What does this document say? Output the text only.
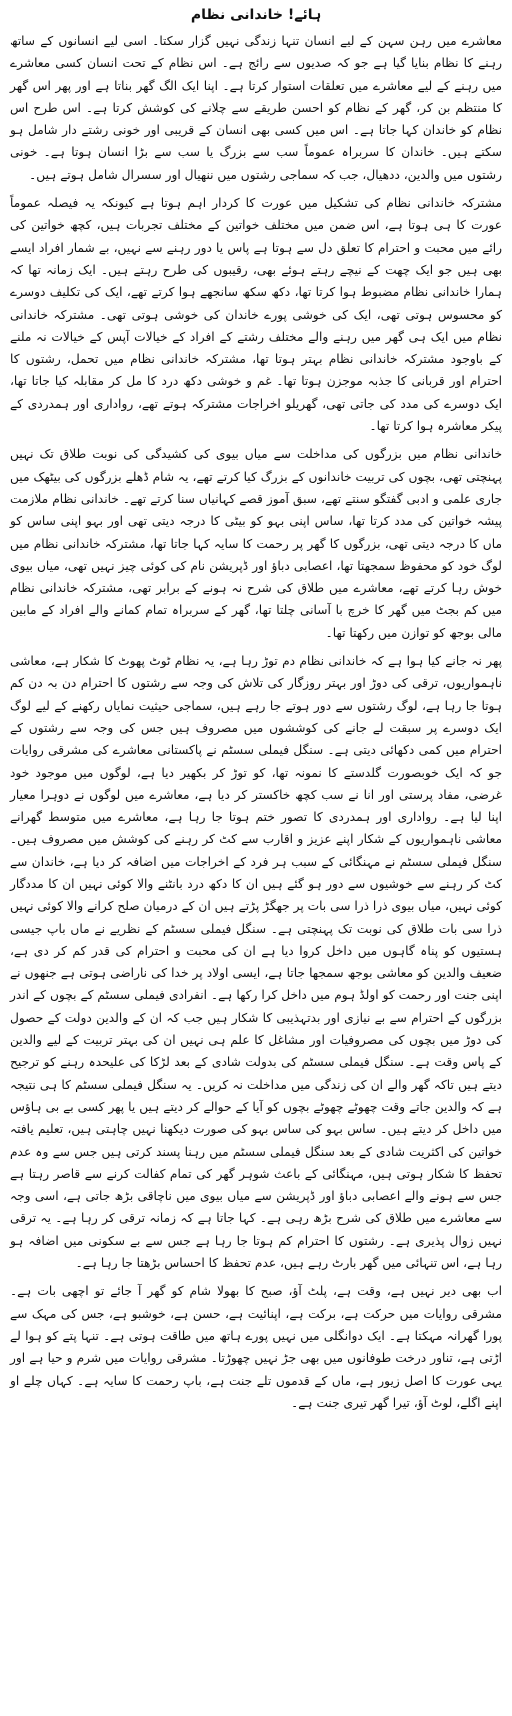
ہائے! خاندانی نظام

معاشرے میں رہن سہن کے لیے انسان تنہا زندگی نہیں گزار سکتا۔ اسی لیے انسانوں کے ساتھ رہنے کا نظام بنایا گیا ہے جو کہ صدیوں سے رائج ہے۔ اس نظام کے تحت انسان کسی معاشرے میں رہنے کے لیے معاشرے میں تعلقات استوار کرتا ہے۔ اپنا ایک الگ گھر بناتا ہے اور پھر اس گھر کا منتظم بن کر، گھر کے نظام کو احسن طریقے سے چلانے کی کوشش کرتا ہے۔ اس طرح اس نظام کو خاندان کہا جاتا ہے۔ اس میں کسی بھی انسان کے قریبی اور خونی رشتے دار شامل ہو سکتے ہیں۔ خاندان کا سربراہ عموماً سب سے بزرگ یا سب سے بڑا انسان ہوتا ہے۔ خونی رشتوں میں والدین، ددھیال، جب کہ سماجی رشتوں میں ننھیال اور سسرال شامل ہوتے ہیں۔

مشترکہ خاندانی نظام کی تشکیل میں عورت کا کردار اہم ہوتا ہے کیونکہ یہ فیصلہ عموماً عورت کا ہی ہوتا ہے، اس ضمن میں مختلف خواتین کے مختلف تجربات ہیں، کچھ خواتین کی رائے میں محبت و احترام کا تعلق دل سے ہوتا ہے پاس یا دور رہنے سے نہیں، بے شمار افراد ایسے بھی ہیں جو ایک چھت کے نیچے رہتے ہوئے بھی، رقیبوں کی طرح رہتے ہیں۔ ایک زمانہ تھا کہ ہمارا خاندانی نظام مضبوط ہوا کرتا تھا، دکھ سکھ سانجھے ہوا کرتے تھے، ایک کی تکلیف دوسرے کو محسوس ہوتی تھی، ایک کی خوشی پورے خاندان کی خوشی ہوتی تھی۔ مشترکہ خاندانی نظام میں ایک ہی گھر میں رہنے والے مختلف رشتے کے افراد کے خیالات آپس کے خیالات نہ ملنے کے باوجود مشترکہ خاندانی نظام بہتر ہوتا تھا، مشترکہ خاندانی نظام میں تحمل، رشتوں کا احترام اور قربانی کا جذبہ موجزن ہوتا تھا۔ غم و خوشی دکھ درد کا مل کر مقابلہ کیا جاتا تھا، ایک دوسرے کی مدد کی جاتی تھی، گھریلو اخراجات مشترکہ ہوتے تھے، رواداری اور ہمدردی کے پیکر معاشرہ ہوا کرتا تھا۔

خاندانی نظام میں بزرگوں کی مداخلت سے میاں بیوی کی کشیدگی کی نوبت طلاق تک نہیں پہنچتی تھی، بچوں کی تربیت خاندانوں کے بزرگ کیا کرتے تھے، یہ شام ڈھلے بزرگوں کی بیٹھک میں جاری علمی و ادبی گفتگو سنتے تھے، سبق آموز قصے کہانیاں سنا کرتے تھے۔ خاندانی نظام ملازمت پیشہ خواتین کی مدد کرتا تھا، ساس اپنی بہو کو بیٹی کا درجہ دیتی تھی اور بہو اپنی ساس کو ماں کا درجہ دیتی تھی، بزرگوں کا گھر پر رحمت کا سایہ کہا جاتا تھا، مشترکہ خاندانی نظام میں لوگ خود کو محفوظ سمجھتا تھا، اعصابی دباؤ اور ڈپریشن نام کی کوئی چیز نہیں تھی، میاں بیوی خوش رہا کرتے تھے، معاشرے میں طلاق کی شرح نہ ہونے کے برابر تھی، مشترکہ خاندانی نظام میں کم بجٹ میں گھر کا خرچ با آسانی چلتا تھا، گھر کے سربراہ تمام کمانے والے افراد کے مابین مالی بوجھ کو توازن میں رکھتا تھا۔

پھر نہ جانے کیا ہوا ہے کہ خاندانی نظام دم توڑ رہا ہے، یہ نظام ٹوٹ پھوٹ کا شکار ہے، معاشی ناہمواریوں، ترقی کی دوڑ اور بہتر روزگار کی تلاش کی وجہ سے رشتوں کا احترام دن بہ دن کم ہوتا جا رہا ہے، لوگ رشتوں سے دور ہوتے جا رہے ہیں، سماجی حیثیت نمایاں رکھنے کے لیے لوگ ایک دوسرے پر سبقت لے جانے کی کوششوں میں مصروف ہیں جس کی وجہ سے رشتوں کے احترام میں کمی دکھائی دیتی ہے۔ سنگل فیملی سسٹم نے پاکستانی معاشرے کی مشرقی روایات جو کہ ایک خوبصورت گلدستے کا نمونہ تھا، کو توڑ کر بکھیر دیا ہے، لوگوں میں موجود خود غرضی، مفاد پرستی اور انا نے سب کچھ خاکستر کر دیا ہے، معاشرے میں لوگوں نے دوہرا معیار اپنا لیا ہے۔ رواداری اور ہمدردی کا تصور ختم ہوتا جا رہا ہے، معاشرے میں متوسط گھرانے معاشی ناہمواریوں کے شکار اپنے عزیز و اقارب سے کٹ کر رہنے کی کوشش میں مصروف ہیں۔ سنگل فیملی سسٹم نے مہنگائی کے سبب ہر فرد کے اخراجات میں اضافہ کر دیا ہے، خاندان سے کٹ کر رہنے سے خوشیوں سے دور ہو گئے ہیں ان کا دکھ درد بانٹنے والا کوئی نہیں ان کا مددگار کوئی نہیں، میاں بیوی ذرا ذرا سی بات پر جھگڑ پڑتے ہیں ان کے درمیان صلح کرانے والا کوئی نہیں ذرا سی بات طلاق کی نوبت تک پہنچتی ہے۔ سنگل فیملی سسٹم کے نظریے نے ماں باپ جیسی ہستیوں کو پناہ گاہوں میں داخل کروا دیا ہے ان کی محبت و احترام کی قدر کم کر دی ہے، ضعیف والدین کو معاشی بوجھ سمجھا جاتا ہے، ایسی اولاد پر خدا کی ناراضی ہوتی ہے جنھوں نے اپنی جنت اور رحمت کو اولڈ ہوم میں داخل کرا رکھا ہے۔ انفرادی فیملی سسٹم کے بچوں کے اندر بزرگوں کے احترام سے بے نیازی اور بدتہذیبی کا شکار ہیں جب کہ ان کے والدین دولت کے حصول کی دوڑ میں بچوں کی مصروفیات اور مشاغل کا علم ہی نہیں ان کی بہتر تربیت کے لیے والدین کے پاس وقت ہے۔ سنگل فیملی سسٹم کی بدولت شادی کے بعد لڑکا کی علیحدہ رہنے کو ترجیح دیتے ہیں تاکہ گھر والے ان کی زندگی میں مداخلت نہ کریں۔ یہ سنگل فیملی سسٹم کا ہی نتیجہ ہے کہ والدین جاتے وقت چھوٹے چھوٹے بچوں کو آیا کے حوالے کر دیتے ہیں یا پھر کسی بے بی ہاؤس میں داخل کر دیتے ہیں۔ ساس بہو کی ساس بہو کی صورت دیکھنا نہیں چاہتی ہیں، تعلیم یافتہ خواتین کی اکثریت شادی کے بعد سنگل فیملی سسٹم میں رہنا پسند کرتی ہیں جس سے وہ عدم تحفظ کا شکار ہوتی ہیں، مہنگائی کے باعث شوہر گھر کی تمام کفالت کرنے سے قاصر رہتا ہے جس سے ہونے والے اعصابی دباؤ اور ڈپریشن سے میاں بیوی میں ناچاقی بڑھ جاتی ہے، اسی وجہ سے معاشرے میں طلاق کی شرح بڑھ رہی ہے۔ کہا جاتا ہے کہ زمانہ ترقی کر رہا ہے۔ یہ ترقی نہیں زوال پذیری ہے۔ رشتوں کا احترام کم ہوتا جا رہا ہے جس سے بے سکونی میں اضافہ ہو رہا ہے، اس تنہائی میں گھر بارٹ رہے ہیں، عدم تحفظ کا احساس بڑھتا جا رہا ہے۔

اب بھی دیر نہیں ہے، وقت ہے، پلٹ آؤ، صبح کا بھولا شام کو گھر آ جائے تو اچھی بات ہے۔ مشرقی روایات میں حرکت ہے، برکت ہے، اپنائیت ہے، حسن ہے، خوشبو ہے، جس کی مہک سے پورا گھرانہ مہکتا ہے۔ ایک دوانگلی میں نہیں پورے ہاتھ میں طاقت ہوتی ہے۔ تنہا پتے کو ہوا لے اڑتی ہے، تناور درخت طوفانوں میں بھی جڑ نہیں چھوڑتا۔ مشرقی روایات میں شرم و حیا ہے اور یہی عورت کا اصل زیور ہے، ماں کے قدموں تلے جنت ہے، باپ رحمت کا سایہ ہے۔ کہاں چلے او اپنے اگلے، لوٹ آؤ، تیرا گھر تیری جنت ہے۔
